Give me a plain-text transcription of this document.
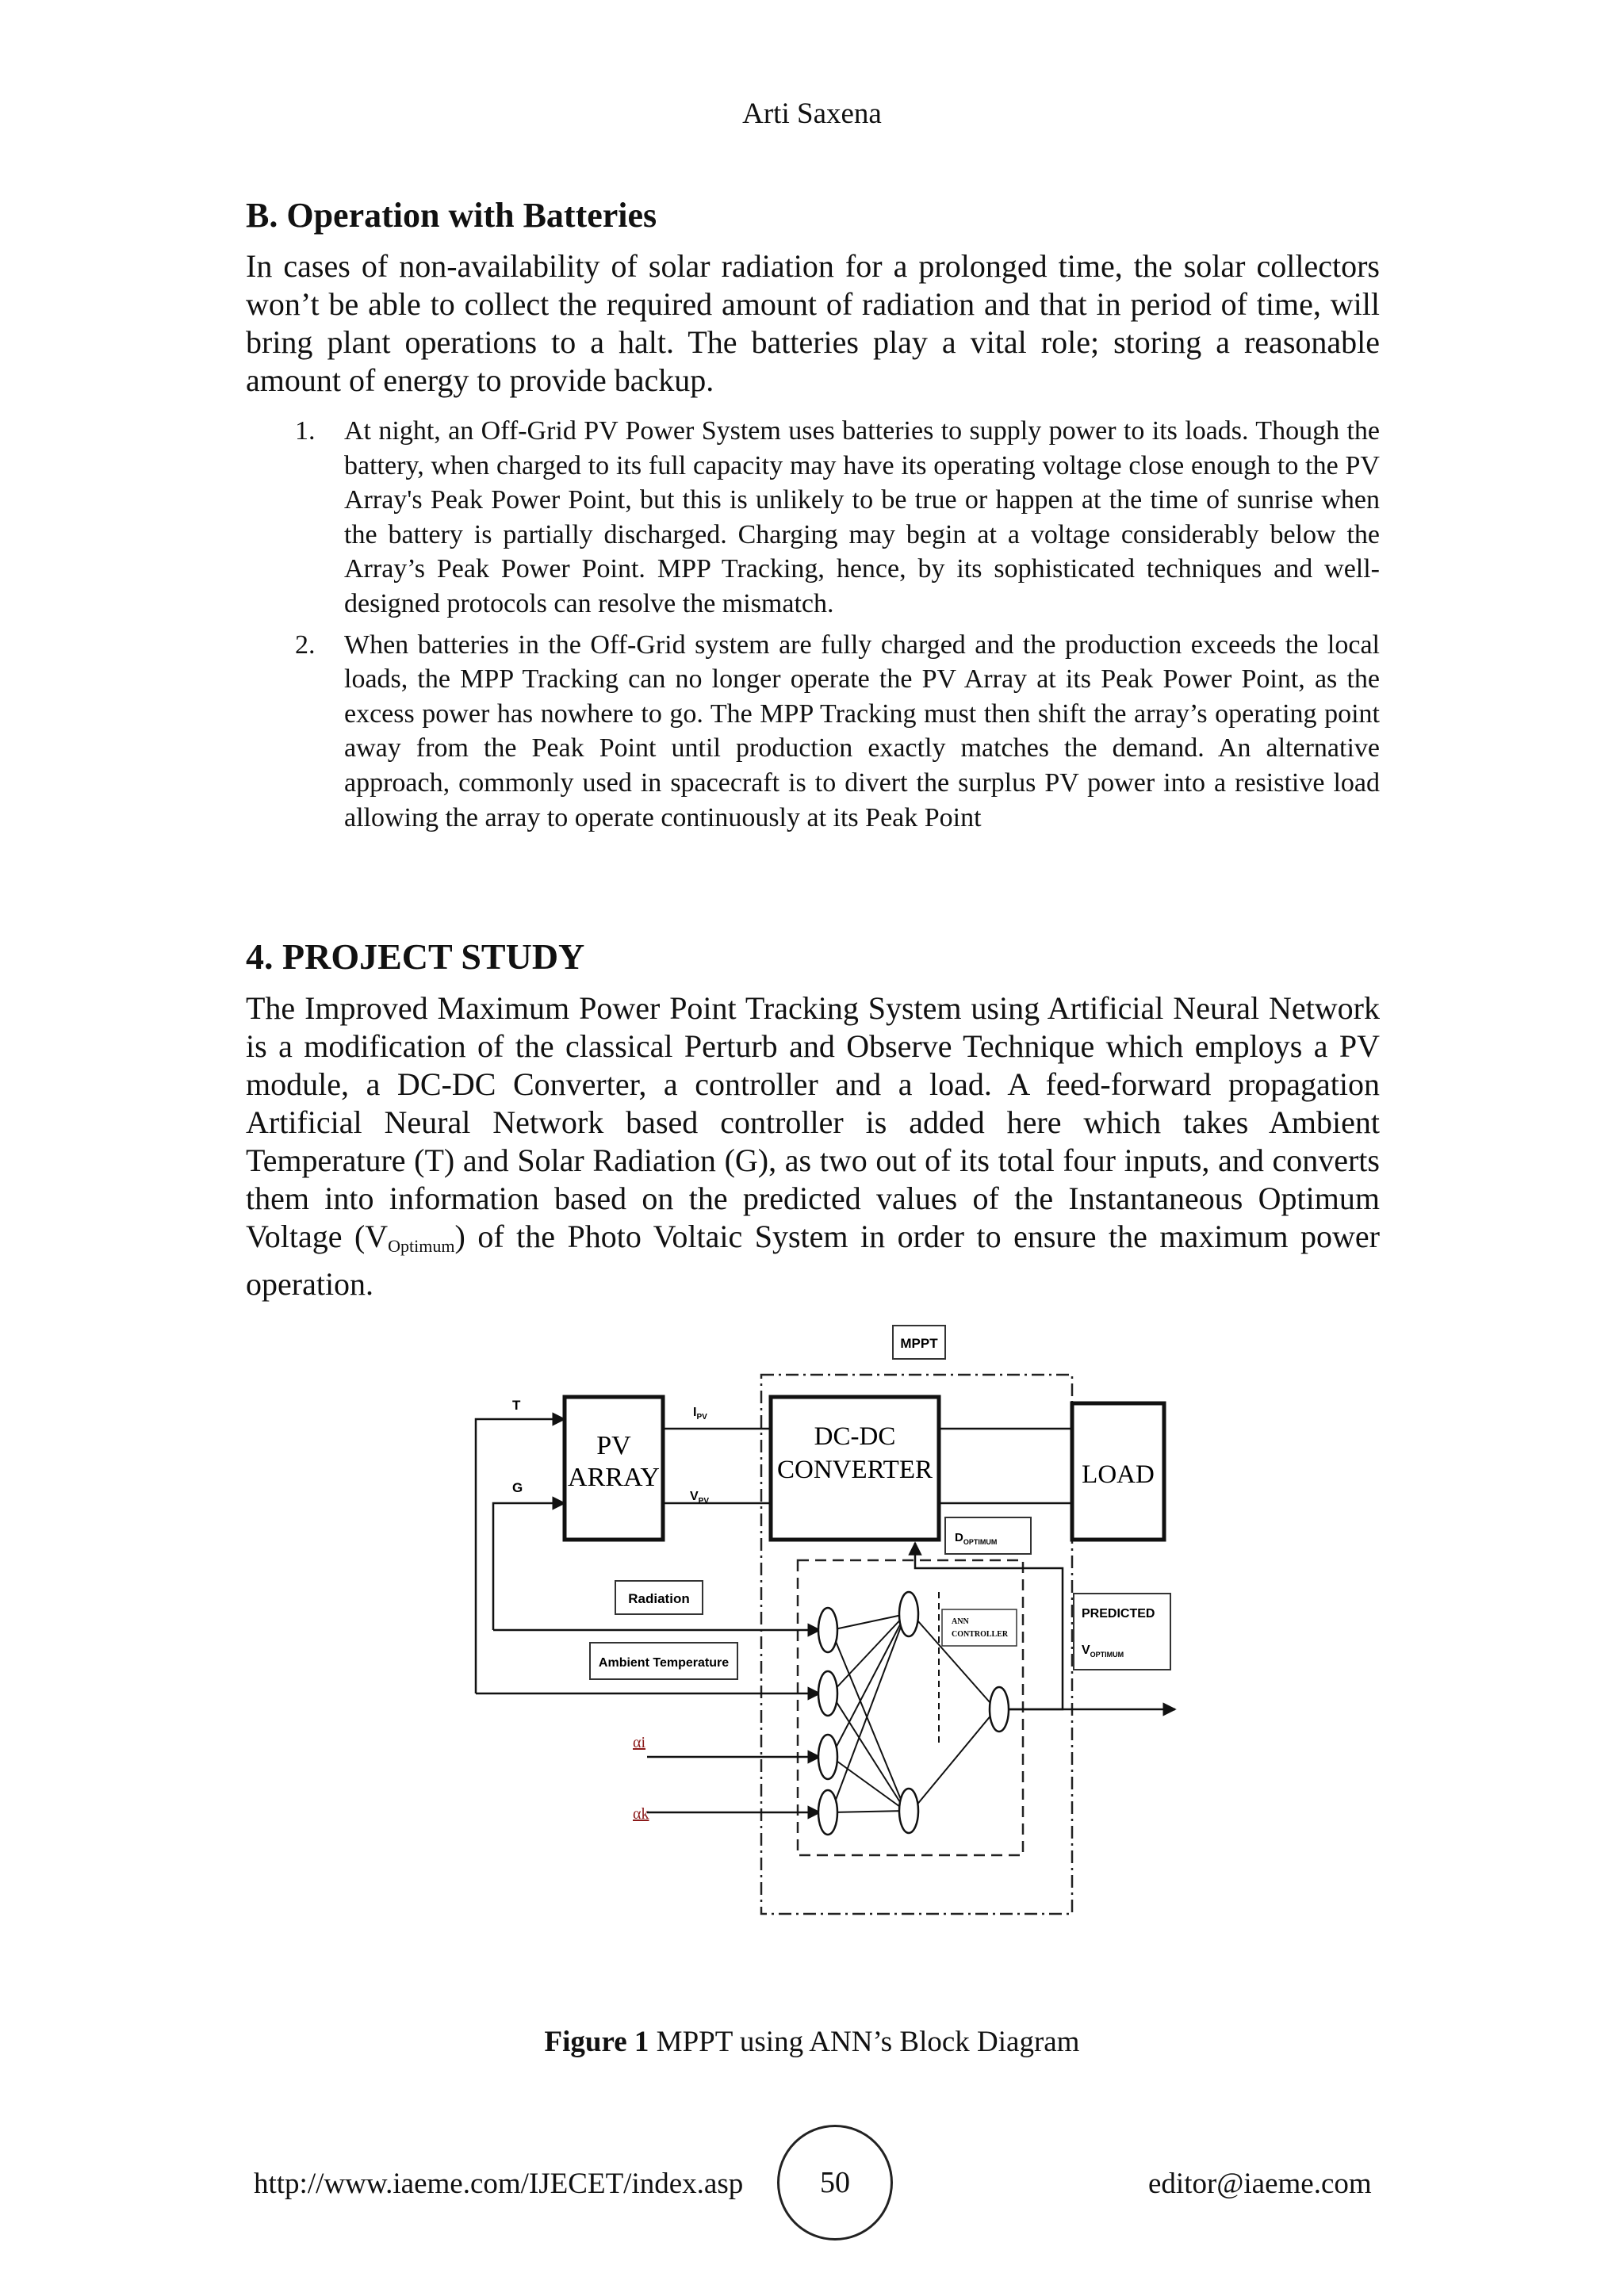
Arti Saxena
B. Operation with Batteries

In cases of non-availability of solar radiation for a prolonged time, the solar collectors won’t be able to collect the required amount of radiation and that in period of time, will bring plant operations to a halt. The batteries play a vital role; storing a reasonable amount of energy to provide backup.

1. At night, an Off-Grid PV Power System uses batteries to supply power to its loads. Though the battery, when charged to its full capacity may have its operating voltage close enough to the PV Array's Peak Power Point, but this is unlikely to be true or happen at the time of sunrise when the battery is partially discharged. Charging may begin at a voltage considerably below the Array’s Peak Power Point. MPP Tracking, hence, by its sophisticated techniques and well-designed protocols can resolve the mismatch.
2. When batteries in the Off-Grid system are fully charged and the production exceeds the local loads, the MPP Tracking can no longer operate the PV Array at its Peak Power Point, as the excess power has nowhere to go. The MPP Tracking must then shift the array’s operating point away from the Peak Point until production exactly matches the demand. An alternative approach, commonly used in spacecraft is to divert the surplus PV power into a resistive load allowing the array to operate continuously at its Peak Point
4. PROJECT STUDY

The Improved Maximum Power Point Tracking System using Artificial Neural Network is a modification of the classical Perturb and Observe Technique which employs a PV module, a DC-DC Converter, a controller and a load. A feed-forward propagation Artificial Neural Network based controller is added here which takes Ambient Temperature (T) and Solar Radiation (G), as two out of its total four inputs, and converts them into information based on the predicted values of the Instantaneous Optimum Voltage $(V_{Optimum})$ of the Photo Voltaic System in order to ensure the maximum power operation.

MPPT
PV
ARRAY
DC-DC
CONVERTER	LOAD
$I_{PV}$
$V_{PV}$
T
G
Radiation
Ambient Temperature
αi
αk
ANN
CONTROLLER
$D_{OPTIMUM}$
PREDICTED
$V_{OPTIMUM}$
Figure 1 MPPT using ANN’s Block Diagram
http://www.iaeme.com/IJECET/index.asp	50	editor@iaeme.com
